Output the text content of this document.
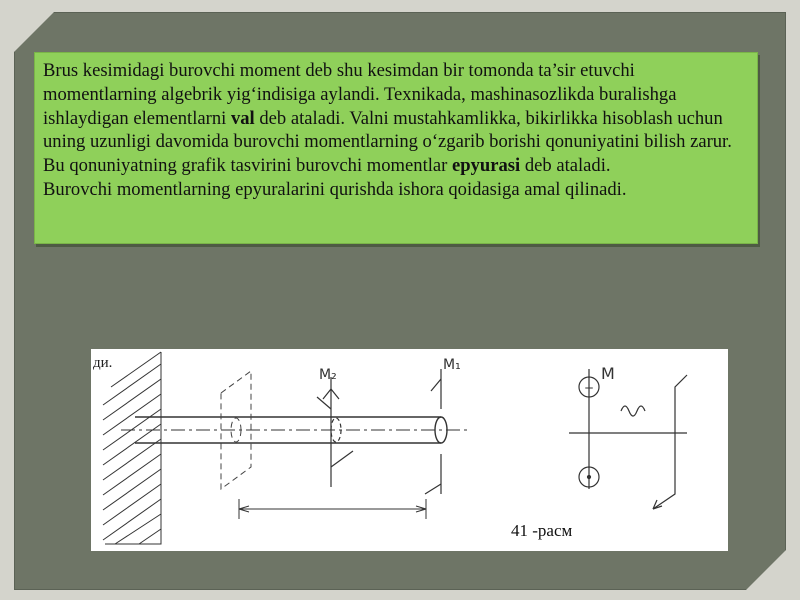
Brus kesimidagi burovchi moment deb shu kesimdan bir tomonda ta’sir etuvchi momentlarning algebrik yig‘indisiga aylandi. Texnikada, mashinasozlikda buralishga ishlaydigan elementlarni val deb ataladi. Valni mustahkamlikka, bikirlikka hisoblash uchun uning uzunligi davomida burovchi momentlarning o‘zgarib borishi qonuniyatini bilish zarur. Bu qonuniyatning grafik tasvirini burovchi momentlar epyurasi deb ataladi.

Burovchi momentlarning epyuralarini qurishda ishora qoidasiga amal qilinadi.

M₂
M₁
+
M
ди.
41 -расм
